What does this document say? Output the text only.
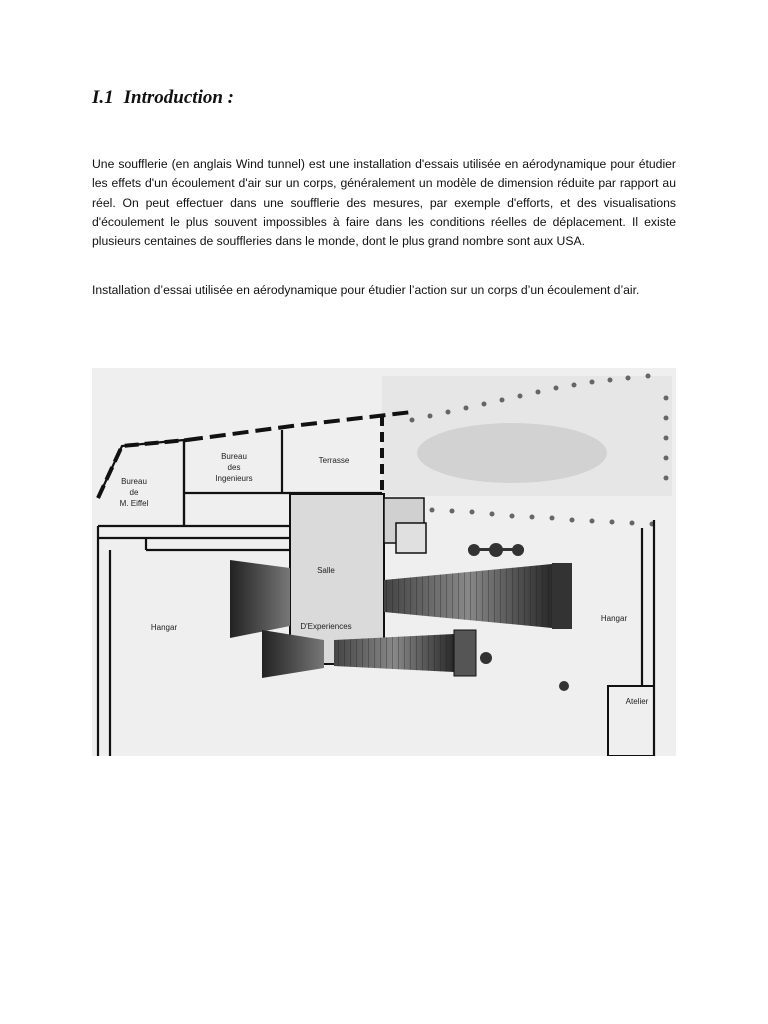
I.1 Introduction :

Une soufflerie (en anglais Wind tunnel) est une installation d'essais utilisée en aérodynamique pour étudier les effets d'un écoulement d'air sur un corps, généralement un modèle de dimension réduite par rapport au réel. On peut effectuer dans une soufflerie des mesures, par exemple d'efforts, et des visualisations d'écoulement le plus souvent impossibles à faire dans les conditions réelles de déplacement. Il existe plusieurs centaines de souffleries dans le monde, dont le plus grand nombre sont aux USA.

Installation d’essai utilisée en aérodynamique pour étudier l’action sur un corps d’un écoulement d’air.

Bureau
de
M. Eiffel
Bureau
des
Ingenieurs
Terrasse
Salle
D'Experiences
Hangar
Hangar
Atelier
